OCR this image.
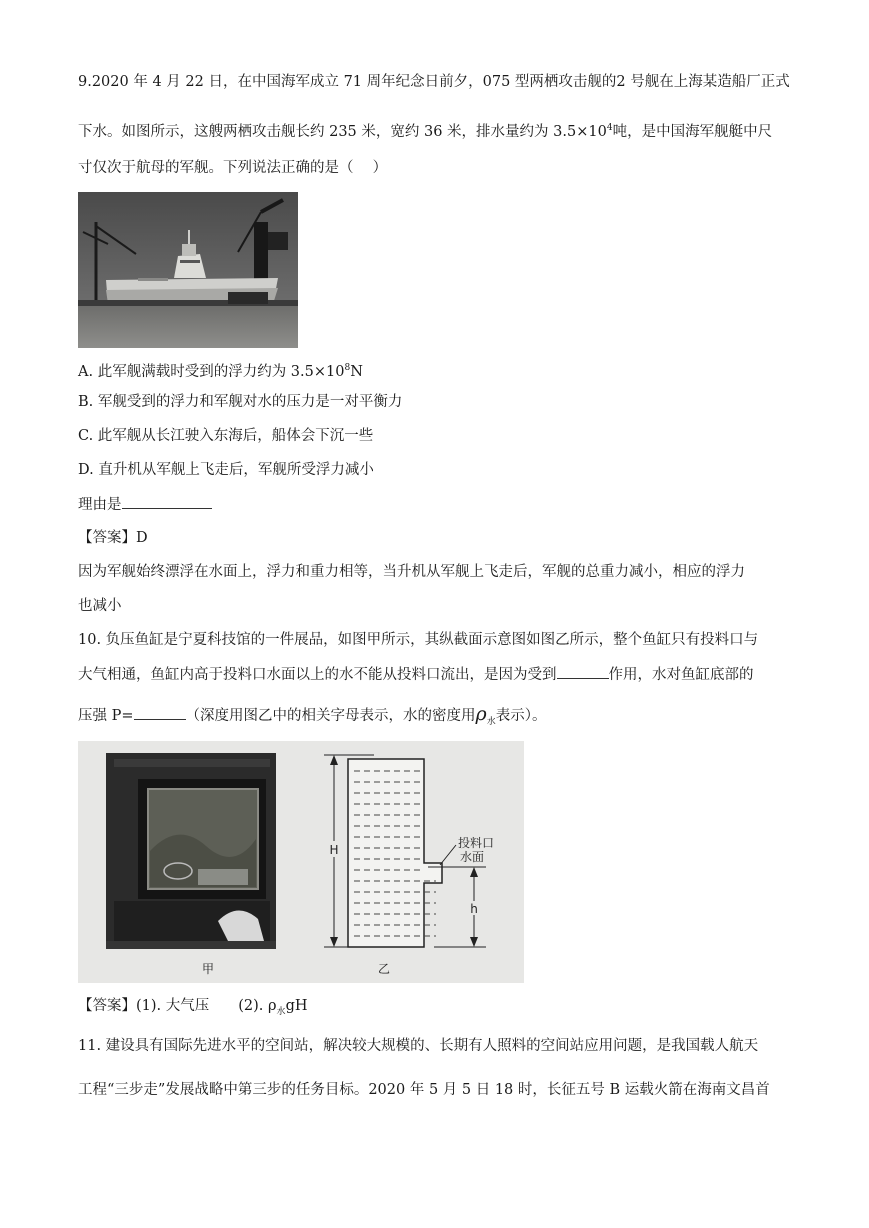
9.2020 年 4 月 22 日，在中国海军成立 71 周年纪念日前夕，075 型两栖攻击舰的2 号舰在上海某造船厂正式
下水。如图所示，这艘两栖攻击舰长约 235 米，宽约 36 米，排水量约为 $3.5\times 10^4$吨，是中国海军舰艇中尺
寸仅次于航母的军舰。下列说法正确的是（　 ）
A. 此军舰满载时受到的浮力约为 $3.5\times 10^8N$
B. 军舰受到的浮力和军舰对水的压力是一对平衡力
C. 此军舰从长江驶入东海后，船体会下沉一些
D. 直升机从军舰上飞走后，军舰所受浮力减小
理由是
【答案】D
因为军舰始终漂浮在水面上，浮力和重力相等，当升机从军舰上飞走后，军舰的总重力减小，相应的浮力
也减小
10. 负压鱼缸是宁夏科技馆的一件展品，如图甲所示，其纵截面示意图如图乙所示，整个鱼缸只有投料口与
大气相通，鱼缸内高于投料口水面以上的水不能从投料口流出，是因为受到	作用，水对鱼缸底部的
压强 P=	（深度用图乙中的相关字母表示，水的密度用$\rho_水$表示）。
H	投料口
水面
h
甲	乙
【答案】(1). 大气压　　(2). $\rho_水gH$
11. 建设具有国际先进水平的空间站，解决较大规模的、长期有人照料的空间站应用问题，是我国载人航天
工程“三步走”发展战略中第三步的任务目标。2020 年 5 月 5 日 18 时，长征五号 B 运载火箭在海南文昌首
